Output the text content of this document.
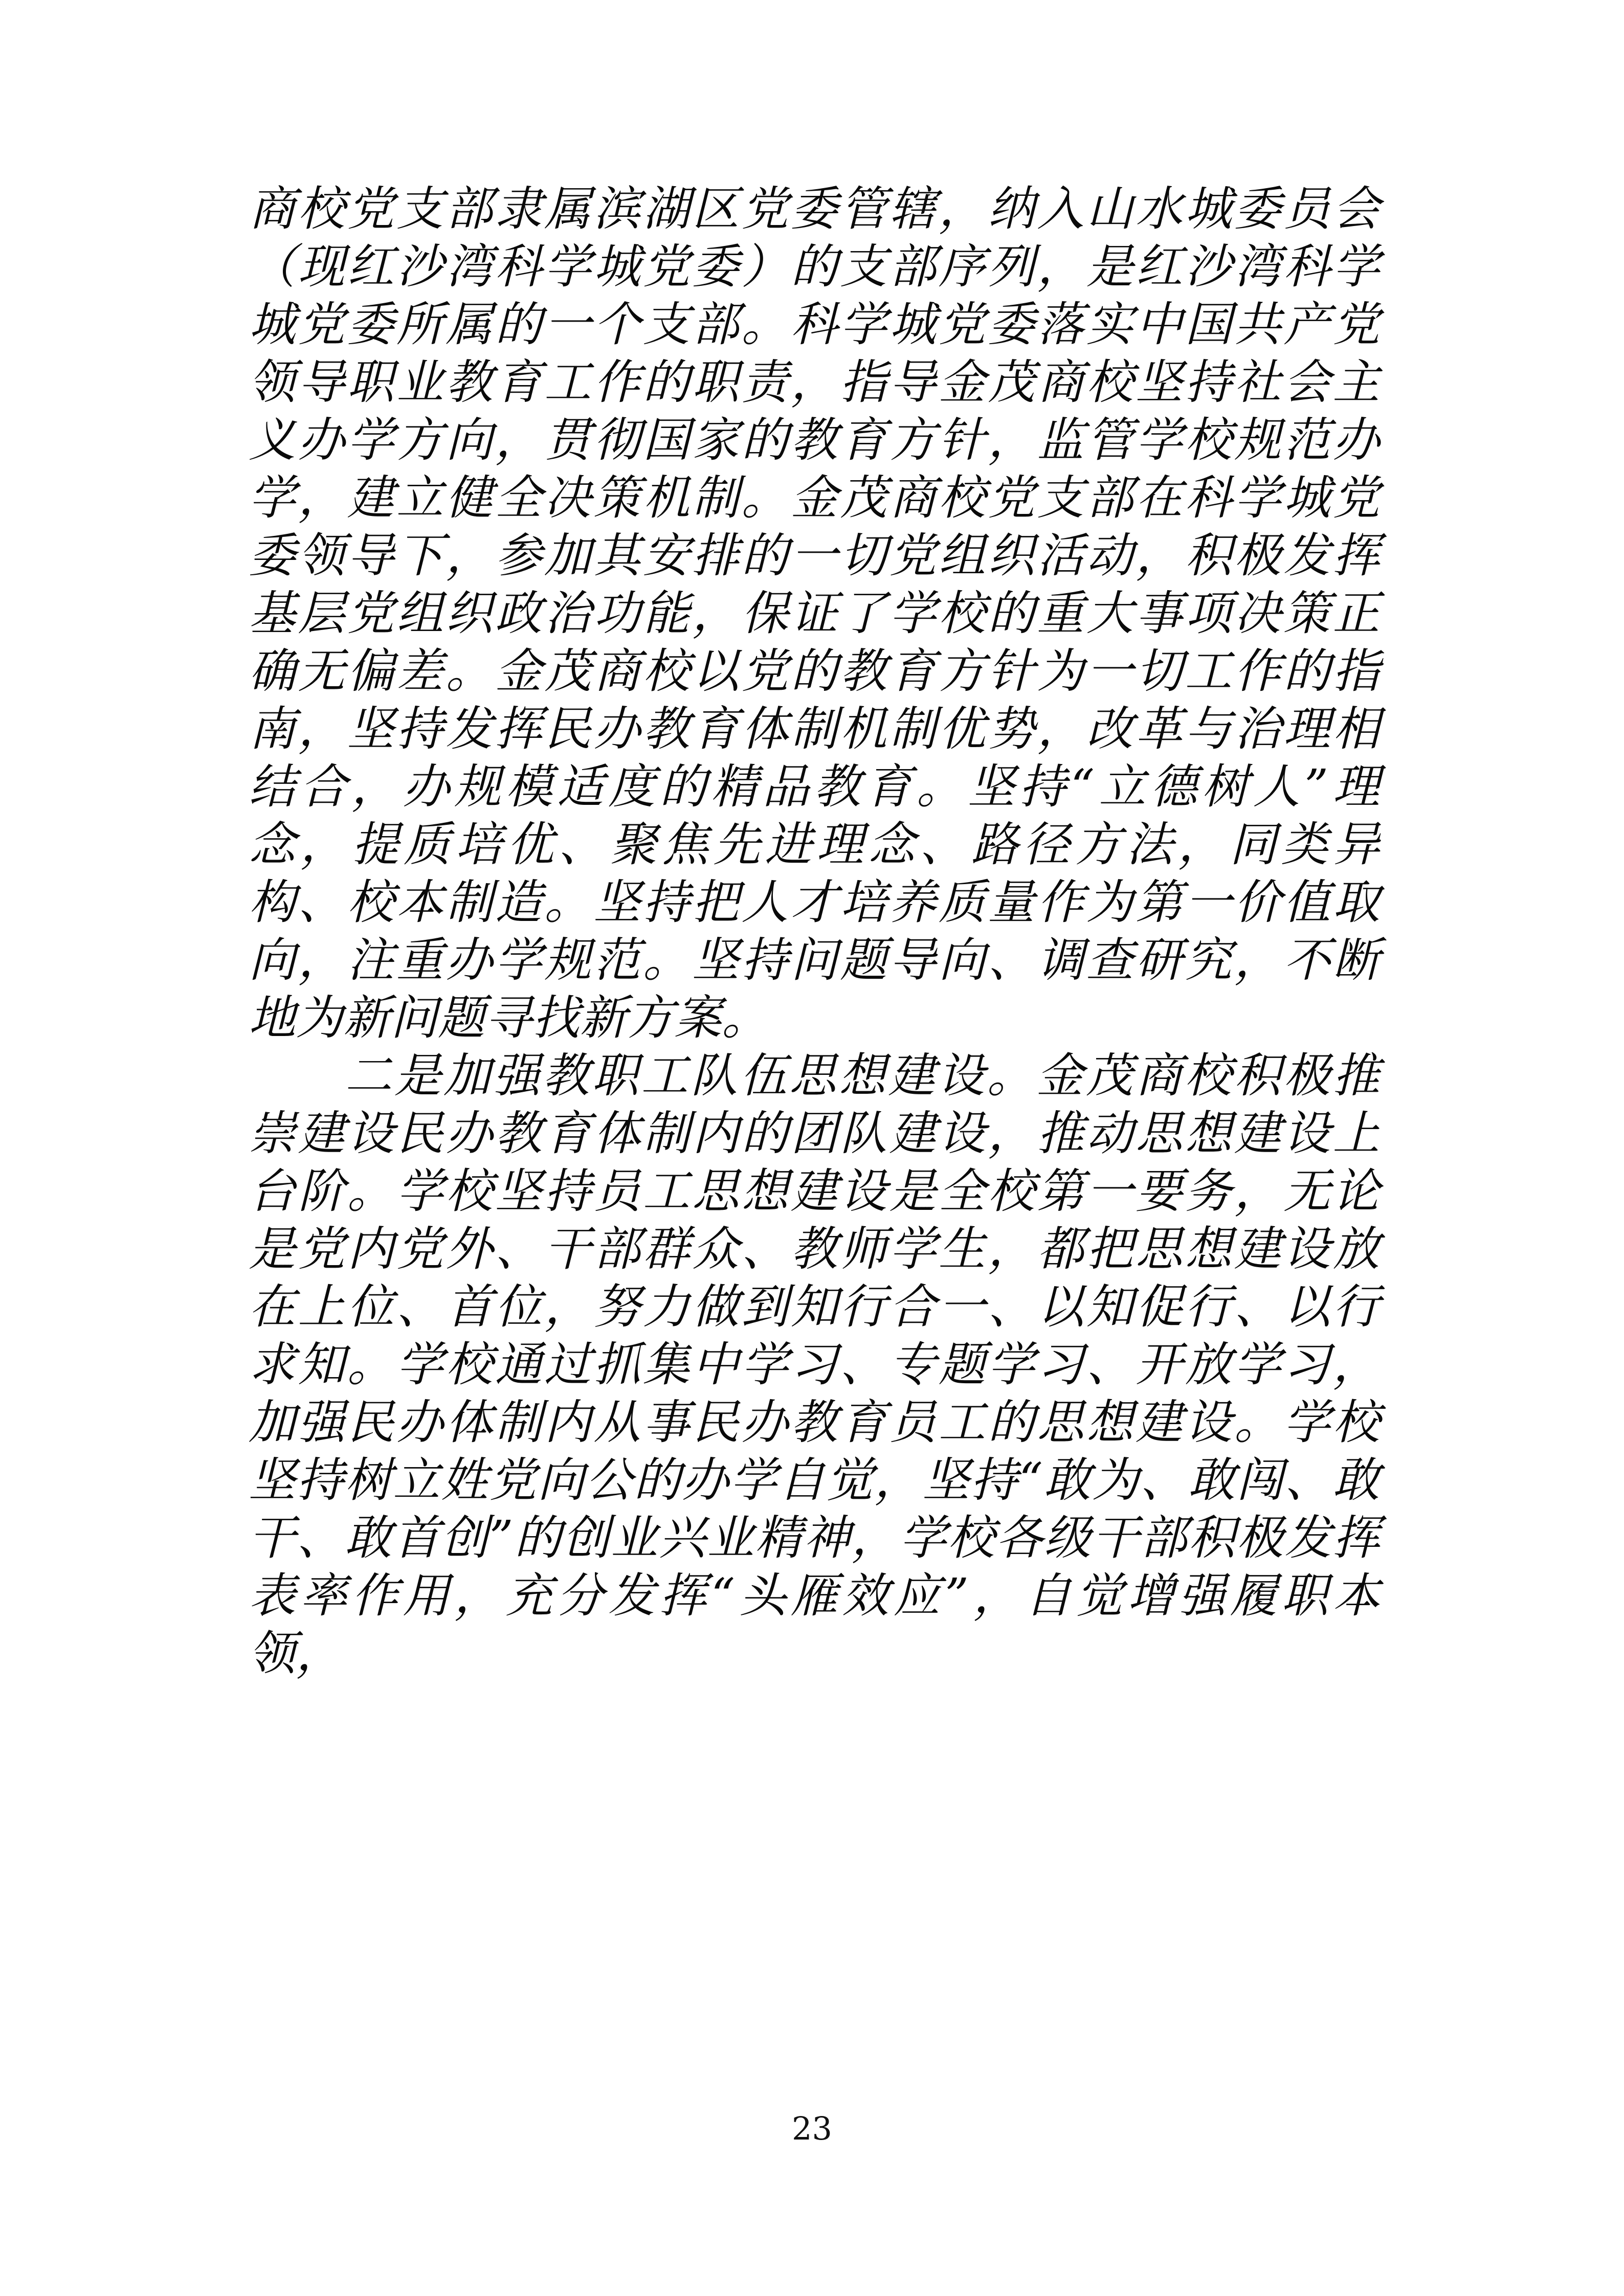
商校党支部隶属滨湖区党委管辖，纳入山水城委员会（现红沙湾科学城党委）的支部序列，是红沙湾科学城党委所属的一个支部。科学城党委落实中国共产党领导职业教育工作的职责，指导金茂商校坚持社会主义办学方向，贯彻国家的教育方针，监管学校规范办学，建立健全决策机制。金茂商校党支部在科学城党委领导下，参加其安排的一切党组织活动，积极发挥基层党组织政治功能，保证了学校的重大事项决策正确无偏差。金茂商校以党的教育方针为一切工作的指南，坚持发挥民办教育体制机制优势，改革与治理相结合，办规模适度的精品教育。坚持“立德树人”理念，提质培优、聚焦先进理念、路径方法，同类异构、校本制造。坚持把人才培养质量作为第一价值取向，注重办学规范。坚持问题导向、调查研究，不断地为新问题寻找新方案。

二是加强教职工队伍思想建设。金茂商校积极推崇建设民办教育体制内的团队建设，推动思想建设上台阶。学校坚持员工思想建设是全校第一要务，无论是党内党外、干部群众、教师学生，都把思想建设放在上位、首位，努力做到知行合一、以知促行、以行求知。学校通过抓集中学习、专题学习、开放学习，加强民办体制内从事民办教育员工的思想建设。学校坚持树立姓党向公的办学自觉，坚持“敢为、敢闯、敢干、敢首创”的创业兴业精神，学校各级干部积极发挥表率作用，充分发挥“头雁效应”，自觉增强履职本领，

23
